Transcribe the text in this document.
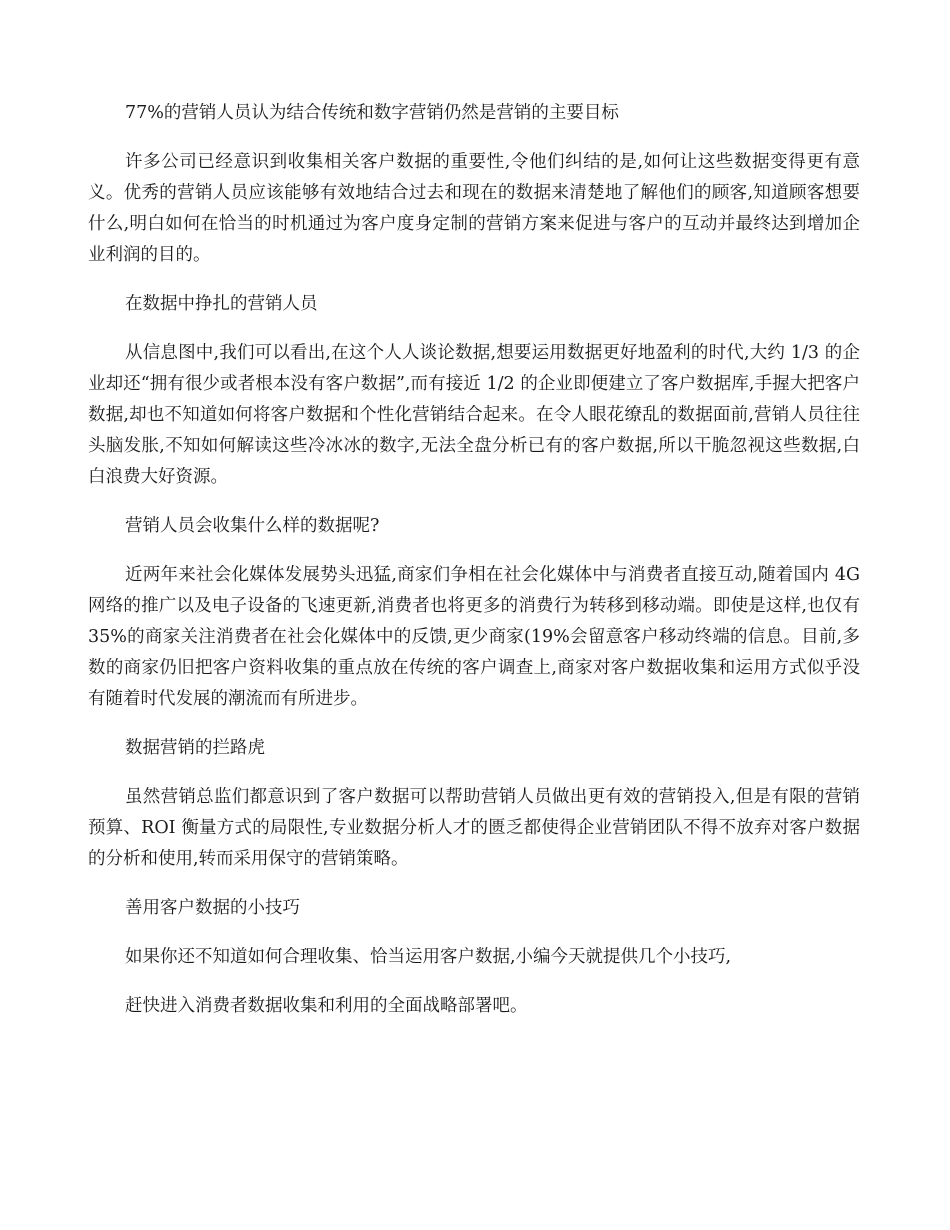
77%的营销人员认为结合传统和数字营销仍然是营销的主要目标

许多公司已经意识到收集相关客户数据的重要性,令他们纠结的是,如何让这些数据变得更有意义。优秀的营销人员应该能够有效地结合过去和现在的数据来清楚地了解他们的顾客,知道顾客想要什么,明白如何在恰当的时机通过为客户度身定制的营销方案来促进与客户的互动并最终达到增加企业利润的目的。

在数据中挣扎的营销人员

从信息图中,我们可以看出,在这个人人谈论数据,想要运用数据更好地盈利的时代,大约 1/3 的企业却还“拥有很少或者根本没有客户数据”,而有接近 1/2 的企业即便建立了客户数据库,手握大把客户数据,却也不知道如何将客户数据和个性化营销结合起来。在令人眼花缭乱的数据面前,营销人员往往头脑发胀,不知如何解读这些冷冰冰的数字,无法全盘分析已有的客户数据,所以干脆忽视这些数据,白白浪费大好资源。

营销人员会收集什么样的数据呢?

近两年来社会化媒体发展势头迅猛,商家们争相在社会化媒体中与消费者直接互动,随着国内 4G 网络的推广以及电子设备的飞速更新,消费者也将更多的消费行为转移到移动端。即使是这样,也仅有 35%的商家关注消费者在社会化媒体中的反馈,更少商家(19%会留意客户移动终端的信息。目前,多数的商家仍旧把客户资料收集的重点放在传统的客户调查上,商家对客户数据收集和运用方式似乎没有随着时代发展的潮流而有所进步。

数据营销的拦路虎

虽然营销总监们都意识到了客户数据可以帮助营销人员做出更有效的营销投入,但是有限的营销预算、ROI 衡量方式的局限性,专业数据分析人才的匮乏都使得企业营销团队不得不放弃对客户数据的分析和使用,转而采用保守的营销策略。

善用客户数据的小技巧

如果你还不知道如何合理收集、恰当运用客户数据,小编今天就提供几个小技巧,

赶快进入消费者数据收集和利用的全面战略部署吧。
